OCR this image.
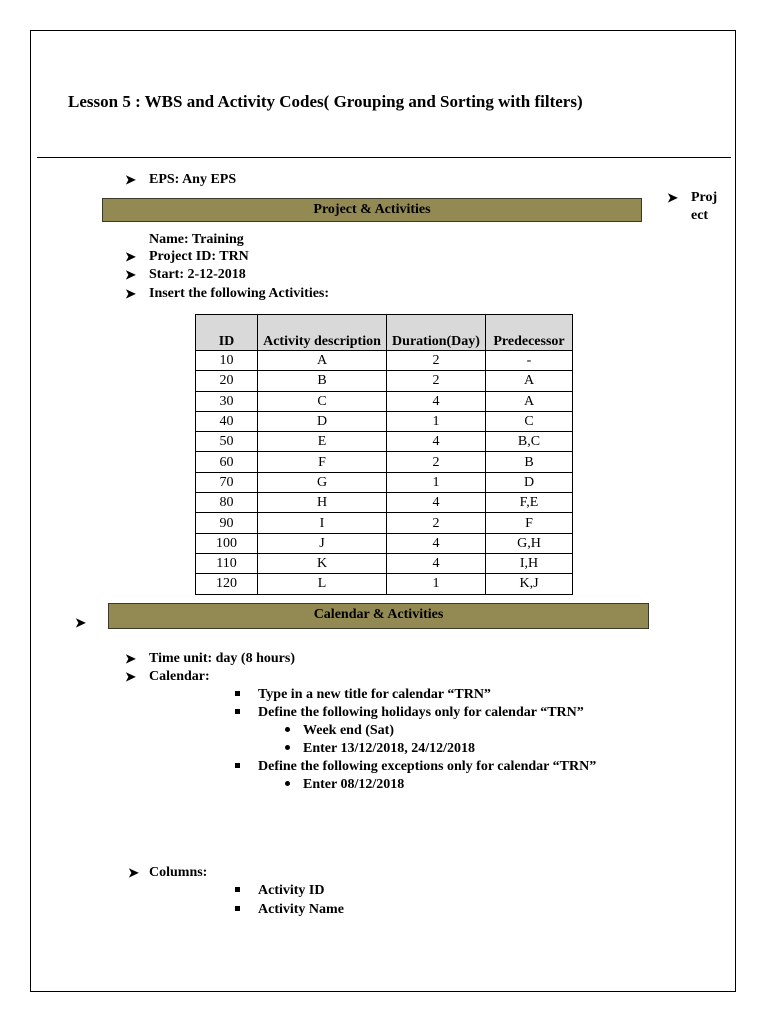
Lesson 5 : WBS and Activity Codes( Grouping and Sorting with filters)
➤ EPS: Any EPS
➤ Proj
ect
Project & Activities
Name: Training
➤ Project ID: TRN
➤ Start: 2-12-2018
➤ Insert the following Activities:
ID	Activity description	Duration(Day)	Predecessor
10	A	2	-
20	B	2	A
30	C	4	A
40	D	1	C
50	E	4	B,C
60	F	2	B
70	G	1	D
80	H	4	F,E
90	I	2	F
100	J	4	G,H
110	K	4	I,H
120	L	1	K,J
➤
Calendar & Activities
➤ Time unit: day (8 hours)
➤ Calendar:
Type in a new title for calendar “TRN”
Define the following holidays only for calendar “TRN”
Week end (Sat)
Enter 13/12/2018, 24/12/2018
Define the following exceptions only for calendar “TRN”
Enter 08/12/2018
➤ Columns:
Activity ID
Activity Name
